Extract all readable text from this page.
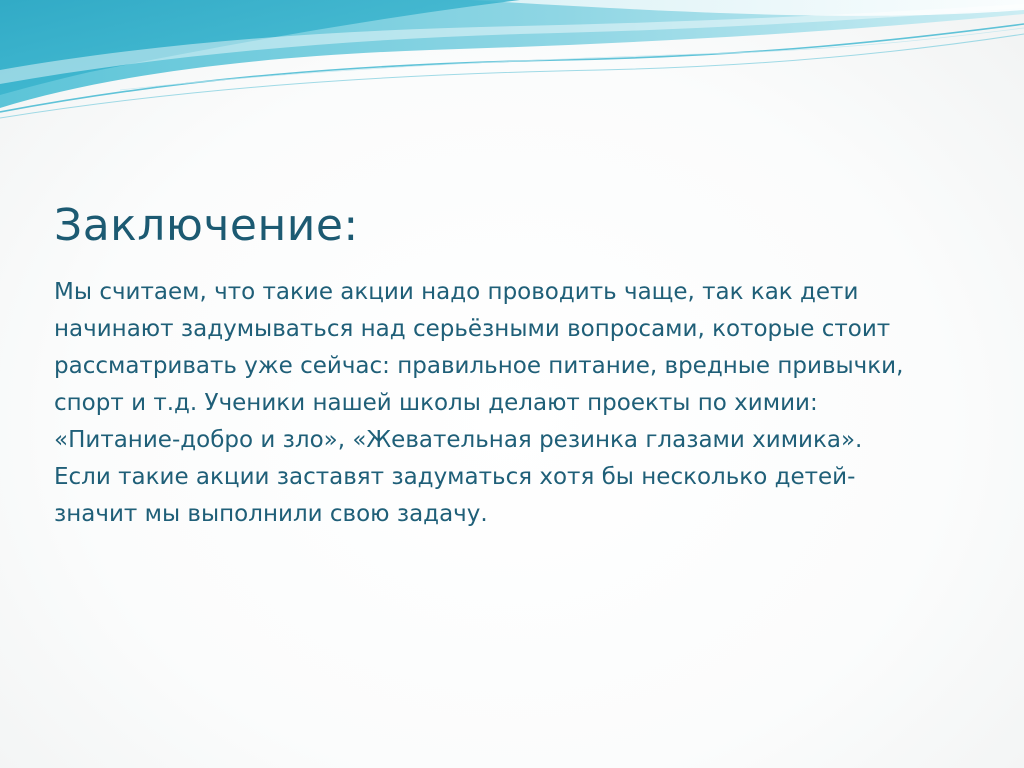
Заключение:
Мы считаем, что такие акции надо проводить чаще, так как дети
начинают задумываться над серьёзными вопросами, которые стоит
рассматривать уже сейчас: правильное питание, вредные привычки,
спорт и т.д. Ученики нашей школы делают проекты по химии:
«Питание-добро и зло», «Жевательная резинка глазами химика».
Если такие акции заставят задуматься хотя бы несколько детей-
значит мы выполнили свою задачу.
